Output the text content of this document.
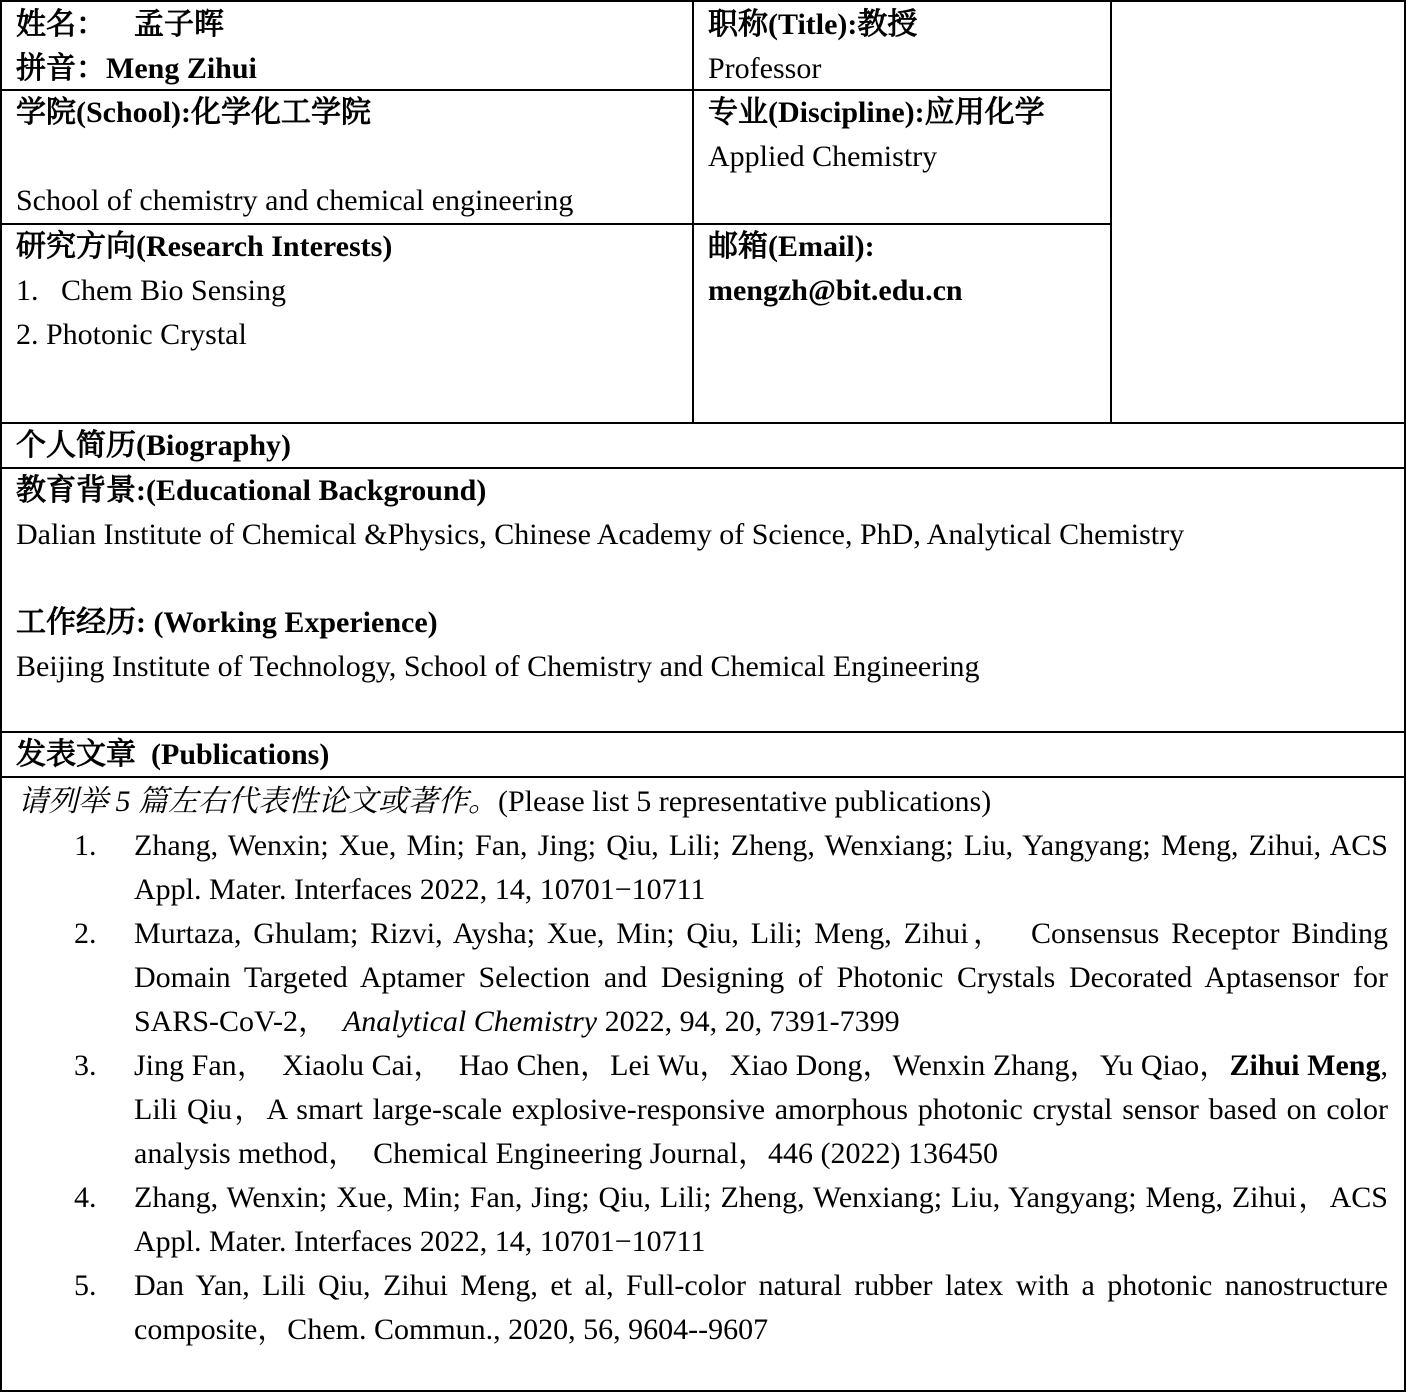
姓名： 孟子晖
拼音：Meng Zihui
职称(Title):教授
Professor
学院(School):化学化工学院
School of chemistry and chemical engineering
专业(Discipline):应用化学
Applied Chemistry
研究方向(Research Interests)
1.   Chem Bio Sensing
2. Photonic Crystal
邮箱(Email):
mengzh@bit.edu.cn
个人简历(Biography)
教育背景:(Educational Background)
Dalian Institute of Chemical &Physics, Chinese Academy of Science, PhD, Analytical Chemistry
工作经历: (Working Experience)
Beijing Institute of Technology, School of Chemistry and Chemical Engineering
发表文章  (Publications)
请列举 5 篇左右代表性论文或著作。(Please list 5 representative publications)
1. Zhang, Wenxin; Xue, Min; Fan, Jing; Qiu, Lili; Zheng, Wenxiang; Liu, Yangyang; Meng, Zihui, ACS Appl. Mater. Interfaces 2022, 14, 10701−10711
2. Murtaza, Ghulam; Rizvi, Aysha; Xue, Min; Qiu, Lili; Meng, Zihui，  Consensus Receptor Binding Domain Targeted Aptamer Selection and Designing of Photonic Crystals Decorated Aptasensor for SARS-CoV-2，  Analytical Chemistry 2022, 94, 20, 7391-7399
3. Jing Fan，  Xiaolu Cai，  Hao Chen，Lei Wu，Xiao Dong，Wenxin Zhang，Yu Qiao，Zihui Meng, Lili Qiu，A smart large-scale explosive-responsive amorphous photonic crystal sensor based on color analysis method，  Chemical Engineering Journal，446 (2022) 136450
4. Zhang, Wenxin; Xue, Min; Fan, Jing; Qiu, Lili; Zheng, Wenxiang; Liu, Yangyang; Meng, Zihui，ACS Appl. Mater. Interfaces 2022, 14, 10701−10711
5. Dan Yan, Lili Qiu, Zihui Meng, et al, Full-color natural rubber latex with a photonic nanostructure composite，Chem. Commun., 2020, 56, 9604--9607
